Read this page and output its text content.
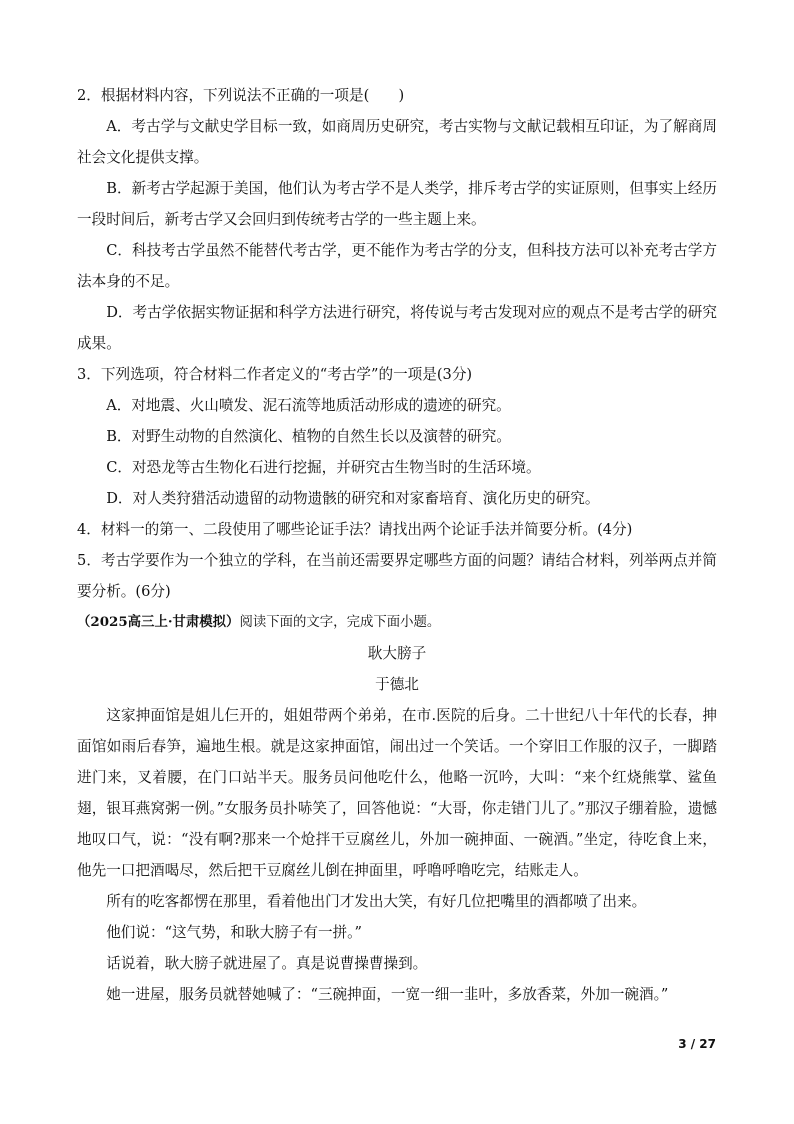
2．根据材料内容，下列说法不正确的一项是(　　)

A．考古学与文献史学目标一致，如商周历史研究，考古实物与文献记载相互印证，为了解商周社会文化提供支撑。

B．新考古学起源于美国，他们认为考古学不是人类学，排斥考古学的实证原则，但事实上经历一段时间后，新考古学又会回归到传统考古学的一些主题上来。

C．科技考古学虽然不能替代考古学，更不能作为考古学的分支，但科技方法可以补充考古学方法本身的不足。

D．考古学依据实物证据和科学方法进行研究，将传说与考古发现对应的观点不是考古学的研究成果。

3．下列选项，符合材料二作者定义的“考古学”的一项是(3分)

A．对地震、火山喷发、泥石流等地质活动形成的遗迹的研究。

B．对野生动物的自然演化、植物的自然生长以及演替的研究。

C．对恐龙等古生物化石进行挖掘，并研究古生物当时的生活环境。

D．对人类狩猎活动遗留的动物遗骸的研究和对家畜培育、演化历史的研究。

4．材料一的第一、二段使用了哪些论证手法？请找出两个论证手法并简要分析。(4分)

5．考古学要作为一个独立的学科，在当前还需要界定哪些方面的问题？请结合材料，列举两点并简要分析。(6分)

（2025高三上·甘肃模拟）阅读下面的文字，完成下面小题。

耿大膀子

于德北

这家抻面馆是姐儿仨开的，姐姐带两个弟弟，在市.医院的后身。二十世纪八十年代的长春，抻面馆如雨后春笋，遍地生根。就是这家抻面馆，闹出过一个笑话。一个穿旧工作服的汉子，一脚踏进门来，叉着腰，在门口站半天。服务员问他吃什么，他略一沉吟，大叫：“来个红烧熊掌、鲨鱼翅，银耳燕窝粥一例。”女服务员扑哧笑了，回答他说：“大哥，你走错门儿了。”那汉子绷着脸，遗憾地叹口气，说：“没有啊?那来一个炝拌干豆腐丝儿，外加一碗抻面、一碗酒。”坐定，待吃食上来，他先一口把酒喝尽，然后把干豆腐丝儿倒在抻面里，呼噜呼噜吃完，结账走人。

所有的吃客都愣在那里，看着他出门才发出大笑，有好几位把嘴里的酒都喷了出来。

他们说：“这气势，和耿大膀子有一拼。”

话说着，耿大膀子就进屋了。真是说曹操曹操到。

她一进屋，服务员就替她喊了：“三碗抻面，一宽一细一韭叶，多放香菜，外加一碗酒。”

3 / 27
